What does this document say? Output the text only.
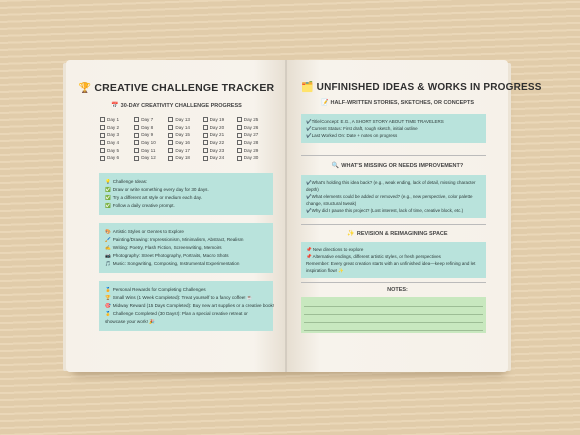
🏆 CREATIVE CHALLENGE TRACKER
📅 30-DAY CREATIVITY CHALLENGE PROGRESS
Day 1	Day 7	Day 13	Day 19	Day 25
Day 2	Day 8	Day 14	Day 20	Day 26
Day 3	Day 9	Day 15	Day 21	Day 27
Day 4	Day 10	Day 16	Day 22	Day 28
Day 5	Day 11	Day 17	Day 23	Day 29
Day 6	Day 12	Day 18	Day 24	Day 30
💡 Challenge Ideas:
✅ Draw or write something every day for 30 days.
✅ Try a different art style or medium each day.
✅ Follow a daily creative prompt.
🎨 Artistic Styles or Genres to Explore
🖌️ Painting/Drawing: Impressionism, Minimalism, Abstract, Realism
✍️ Writing: Poetry, Flash Fiction, Screenwriting, Memoirs
📷 Photography: Street Photography, Portraits, Macro Shots
🎵 Music: Songwriting, Composing, Instrumental Experimentation
🏅 Personal Rewards for Completing Challenges
🏆 Small Wins (1 Week Completed): Treat yourself to a fancy coffee! ☕
🎯 Midway Reward (15 Days Completed): Buy new art supplies or a creative book!
🥇 Challenge Completed (30 Days!): Plan a special creative retreat or
showcase your work! 🎉
🗂️ UNFINISHED IDEAS & WORKS IN PROGRESS
📝 HALF-WRITTEN STORIES, SKETCHES, OR CONCEPTS
✔️Title/Concept: E.G., A SHORT STORY ABOUT TIME TRAVELERS
✔️Current Status: First draft, rough sketch, initial outline
✔️Last Worked On: Date + notes on progress
🔍 WHAT'S MISSING OR NEEDS IMPROVEMENT?
✔️What's holding this idea back? (e.g., weak ending, lack of detail, missing character depth)
✔️What elements could be added or removed? (e.g., new perspective, color palette change, structural tweak)
✔️Why did I pause this project? (Lost interest, lack of time, creative block, etc.)
✨ REVISION & REIMAGINING SPACE
📌 New directions to explore
📌 Alternative endings, different artistic styles, or fresh perspectives
Remember: Every great creation starts with an unfinished idea—keep refining and let inspiration flow! ✨
NOTES:
